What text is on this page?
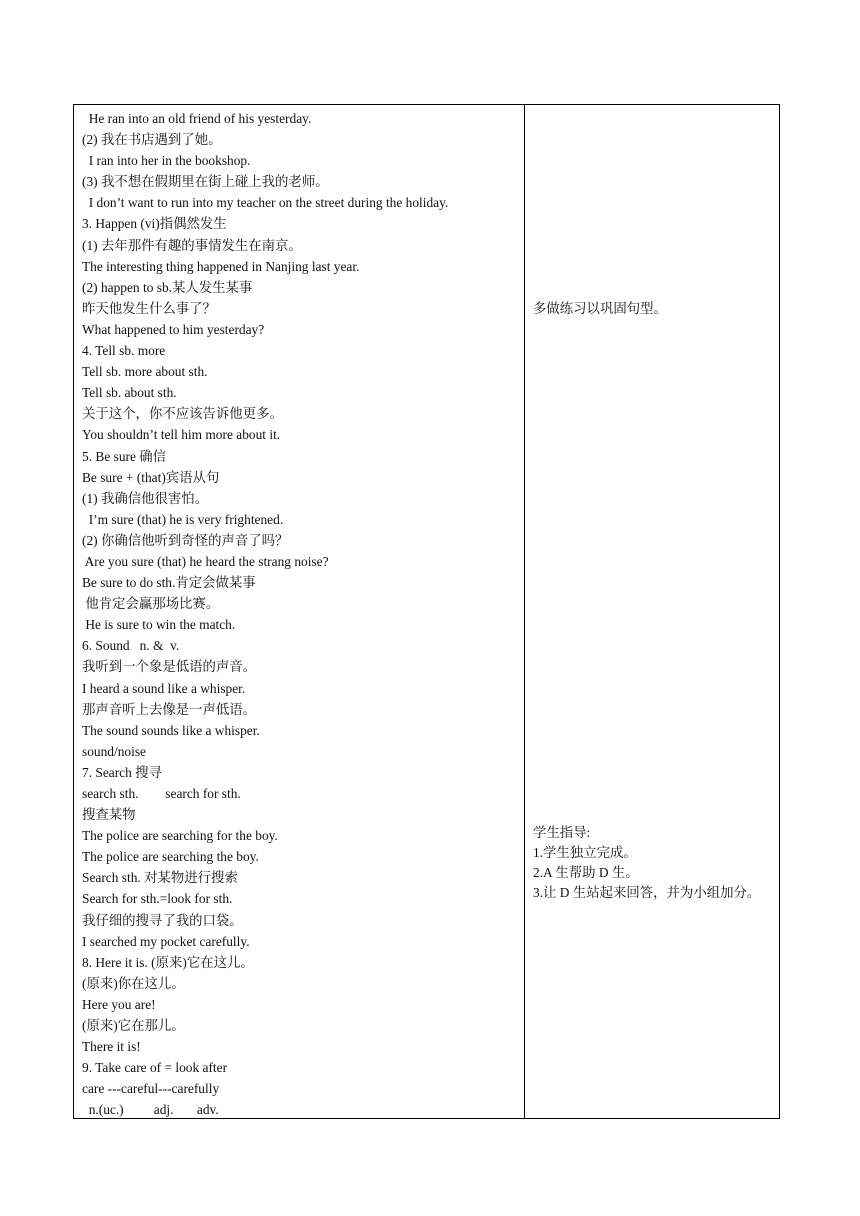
He ran into an old friend of his yesterday.
(2) 我在书店遇到了她。
I ran into her in the bookshop.
(3) 我不想在假期里在街上碰上我的老师。
I don’t want to run into my teacher on the street during the holiday.
3. Happen (vi)指偶然发生
(1) 去年那件有趣的事情发生在南京。
The interesting thing happened in Nanjing last year.
(2) happen to sb.某人发生某事
昨天他发生什么事了？
What happened to him yesterday?
4. Tell sb. more
Tell sb. more about sth.
Tell sb. about sth.
关于这个，你不应该告诉他更多。
You shouldn’t tell him more about it.
5. Be sure 确信
Be sure + (that)宾语从句
(1) 我确信他很害怕。
I’m sure (that) he is very frightened.
(2) 你确信他听到奇怪的声音了吗？
Are you sure (that) he heard the strang noise?
Be sure to do sth.肯定会做某事
他肯定会赢那场比赛。
He is sure to win the match.
6. Sound   n. &  v.
我听到一个象是低语的声音。
I heard a sound like a whisper.
那声音听上去像是一声低语。
The sound sounds like a whisper.
sound/noise
7. Search 搜寻
search sth.        search for sth.
搜查某物
The police are searching for the boy.
The police are searching the boy.
Search sth. 对某物进行搜索
Search for sth.=look for sth.
我仔细的搜寻了我的口袋。
I searched my pocket carefully.
8. Here it is. (原来)它在这儿。
(原来)你在这儿。
Here you are!
(原来)它在那儿。
There it is!
9. Take care of = look after
care ---careful---carefully
n.(uc.)         adj.       adv.
多做练习以巩固句型。
学生指导:
1.学生独立完成。
2.A 生帮助 D 生。
3.让 D 生站起来回答，并为小组加分。
